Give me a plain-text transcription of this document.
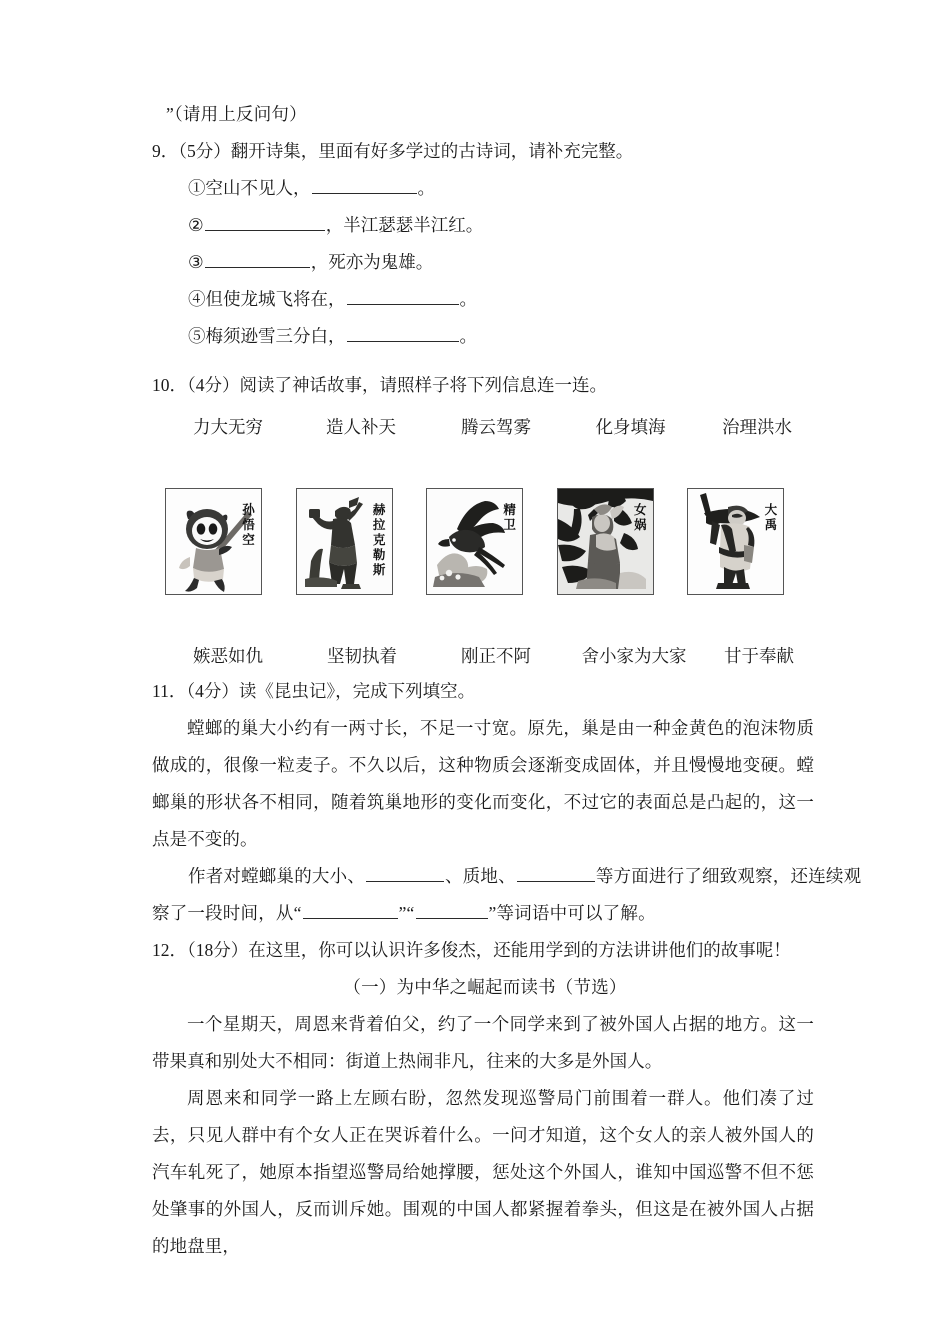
”（请用上反问句）
9．（5分）翻开诗集，里面有好多学过的古诗词，请补充完整。
①空山不见人，	。
②	，半江瑟瑟半江红。
③	，死亦为鬼雄。
④但使龙城飞将在，	。
⑤梅须逊雪三分白，	。
10．（4分）阅读了神话故事，请照样子将下列信息连一连。
力大无穷	造人补天	腾云驾雾	化身填海	治理洪水
孙悟空
赫拉克勒斯
精卫
女娲
大禹
嫉恶如仇	坚韧执着	刚正不阿	舍小家为大家	甘于奉献
11．（4分）读《昆虫记》，完成下列填空。
螳螂的巢大小约有一两寸长，不足一寸宽。原先，巢是由一种金黄色的泡沫物质做成的，很像一粒麦子。不久以后，这种物质会逐渐变成固体，并且慢慢地变硬。螳螂巢的形状各不相同，随着筑巢地形的变化而变化，不过它的表面总是凸起的，这一点是不变的。
作者对螳螂巢的大小、	、质地、	等方面进行了细致观察，还连续观
察了一段时间，从“	”“	”等词语中可以了解。
12．（18分）在这里，你可以认识许多俊杰，还能用学到的方法讲讲他们的故事呢！
（一）为中华之崛起而读书（节选）
一个星期天，周恩来背着伯父，约了一个同学来到了被外国人占据的地方。这一带果真和别处大不相同：街道上热闹非凡，往来的大多是外国人。
周恩来和同学一路上左顾右盼，忽然发现巡警局门前围着一群人。他们凑了过去，只见人群中有个女人正在哭诉着什么。一问才知道，这个女人的亲人被外国人的汽车轧死了，她原本指望巡警局给她撑腰，惩处这个外国人，谁知中国巡警不但不惩处肇事的外国人，反而训斥她。围观的中国人都紧握着拳头，但这是在被外国人占据的地盘里，
